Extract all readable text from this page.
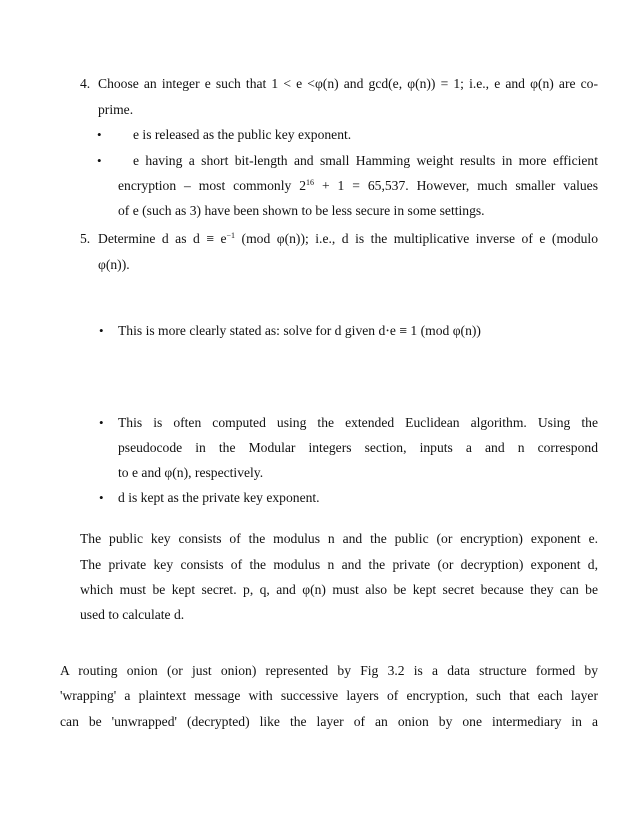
4. Choose an integer e such that 1 < e <φ(n) and gcd(e, φ(n)) = 1; i.e., e and φ(n) are co-
prime.
• e is released as the public key exponent.
• e having a short bit-length and small Hamming weight results in more efficient
encryption – most commonly $2^{16} + 1 = 65,537$. However, much smaller values
of e (such as 3) have been shown to be less secure in some settings.
5. Determine d as $d \equiv e^{-1}$ (mod φ(n)); i.e., d is the multiplicative inverse of e (modulo
φ(n)).
• This is more clearly stated as: solve for d given d⋅e ≡ 1 (mod φ(n))
• This is often computed using the extended Euclidean algorithm. Using the
pseudocode in the Modular integers section, inputs a and n correspond
to e and φ(n), respectively.
• d is kept as the private key exponent.
The public key consists of the modulus n and the public (or encryption) exponent e.
The private key consists of the modulus n and the private (or decryption) exponent d,
which must be kept secret. p, q, and φ(n) must also be kept secret because they can be
used to calculate d.
A routing onion (or just onion) represented by Fig 3.2 is a data structure formed by
'wrapping' a plaintext message with successive layers of encryption, such that each layer
can be 'unwrapped' (decrypted) like the layer of an onion by one intermediary in a
